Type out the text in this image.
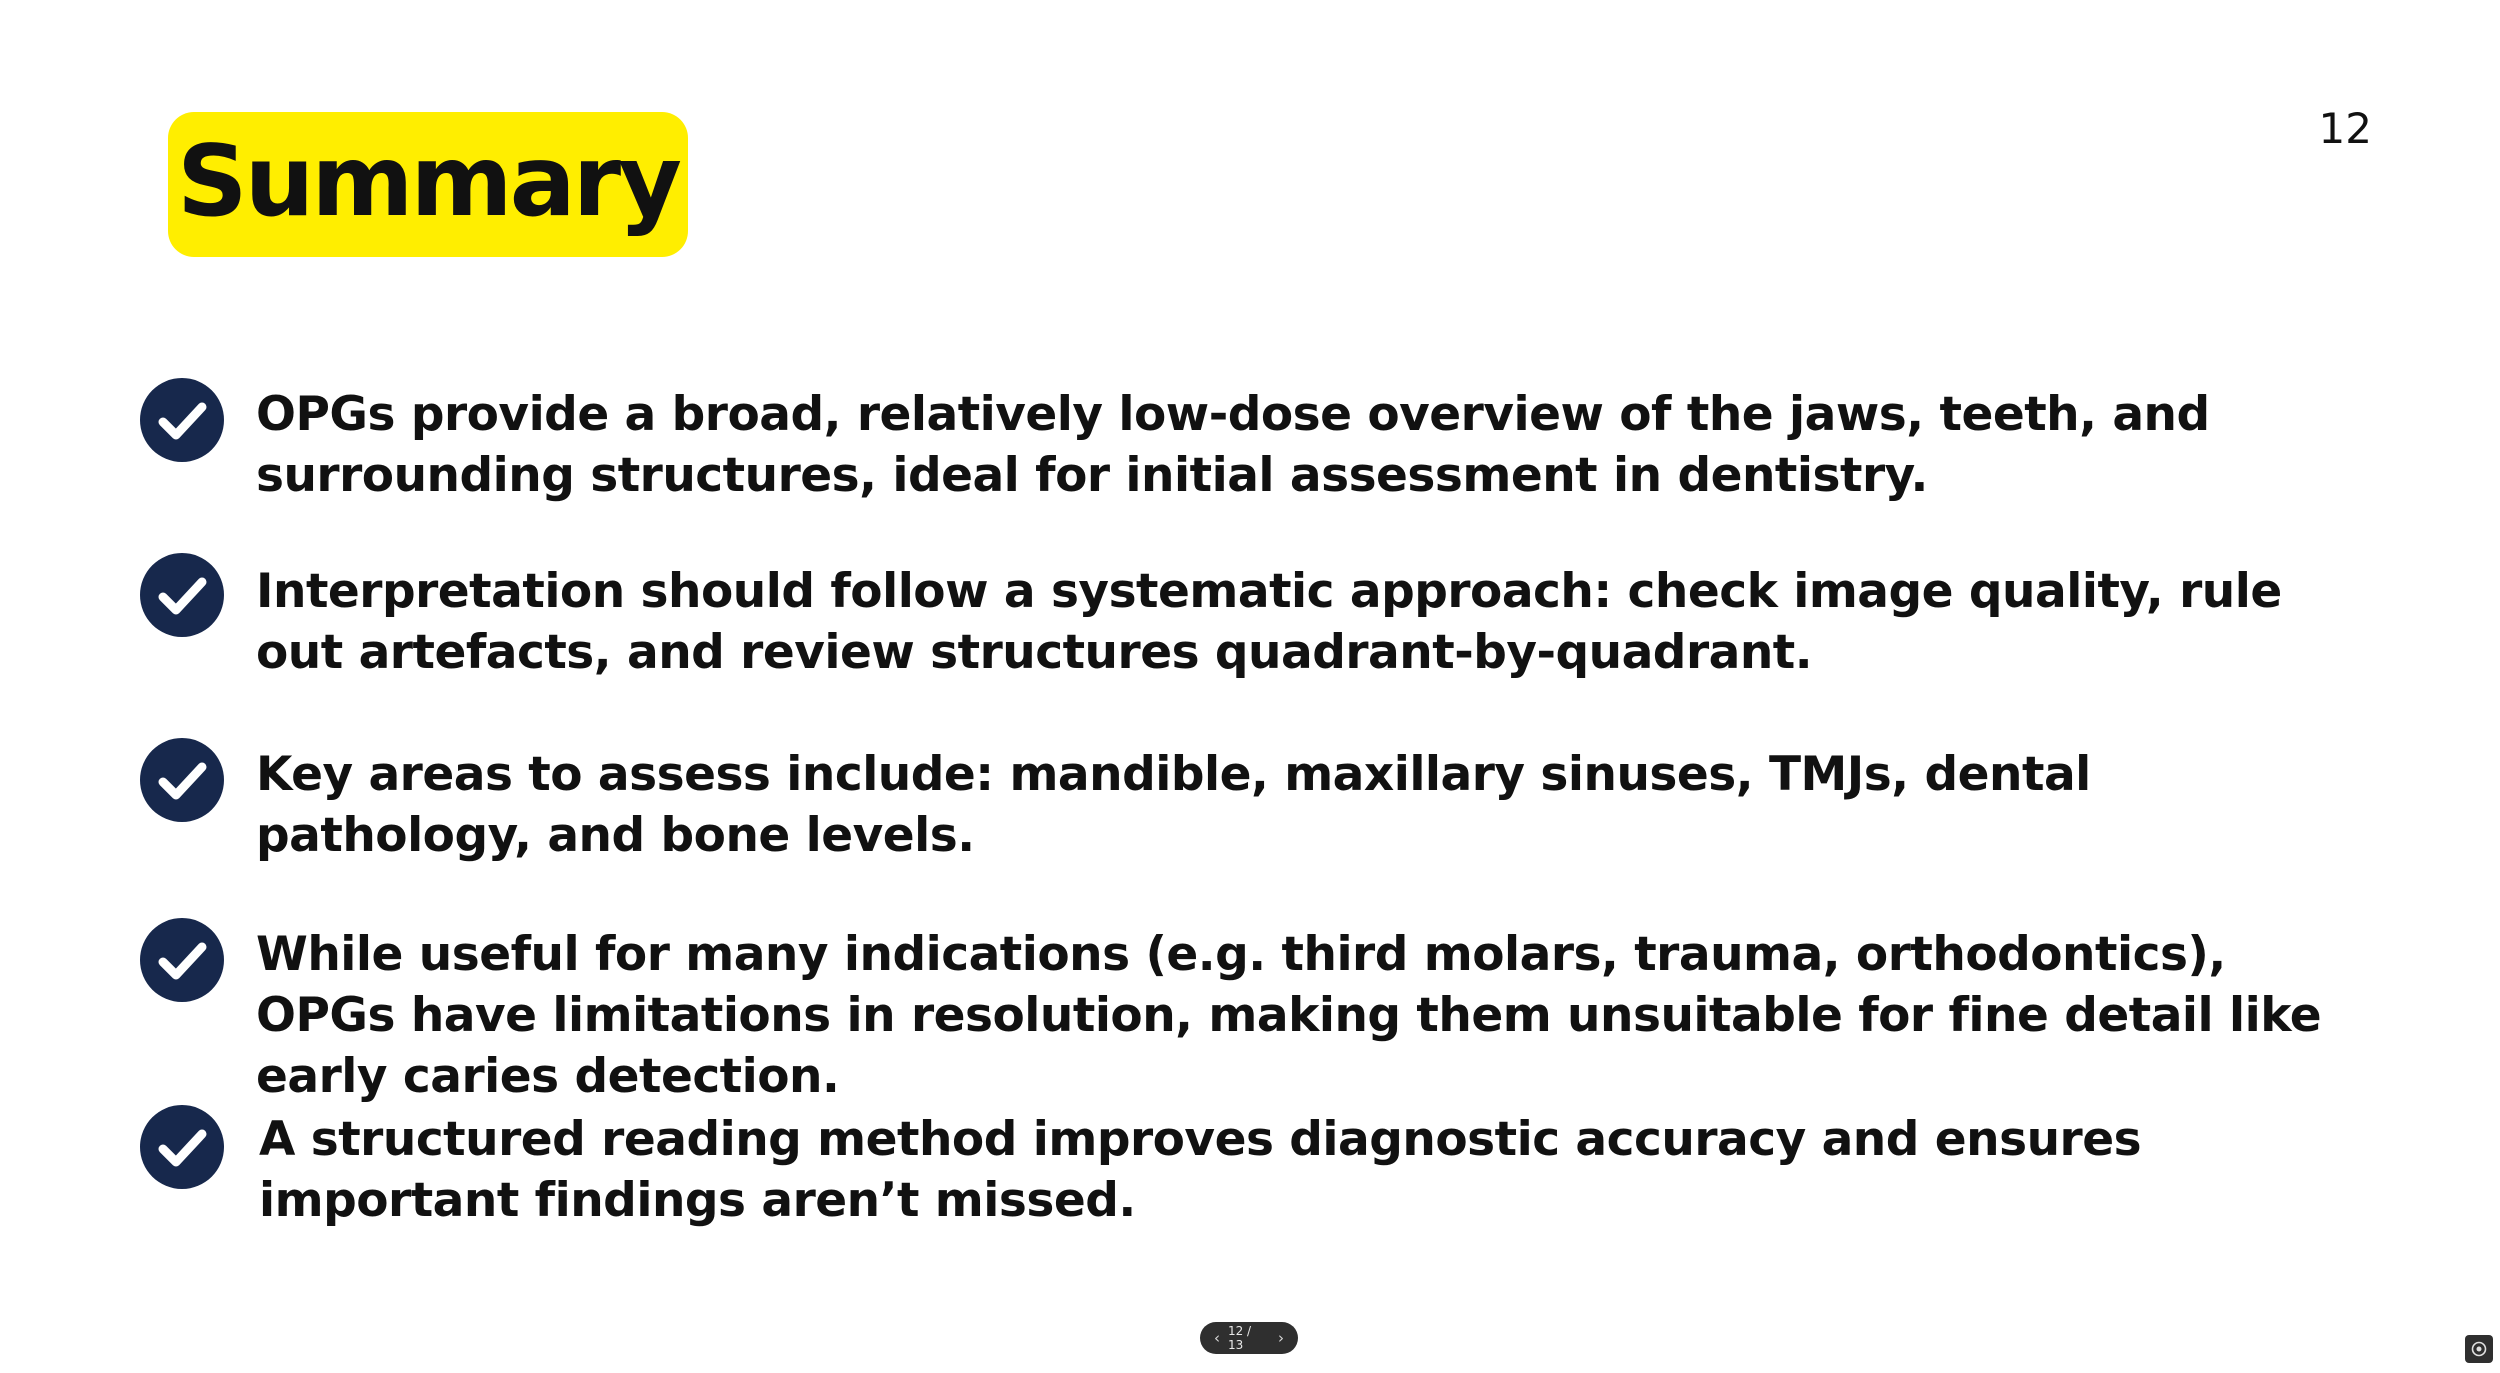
Summary	12
OPGs provide a broad, relatively low-dose overview of the jaws, teeth, and surrounding structures, ideal for initial assessment in dentistry.
Interpretation should follow a systematic approach: check image quality, rule out artefacts, and review structures quadrant-by-quadrant.
Key areas to assess include: mandible, maxillary sinuses, TMJs, dental pathology, and bone levels.
While useful for many indications (e.g. third molars, trauma, orthodontics), OPGs have limitations in resolution, making them unsuitable for fine detail like early caries detection.
A structured reading method improves diagnostic accuracy and ensures important findings aren’t missed.
‹ 12 / 13	›
